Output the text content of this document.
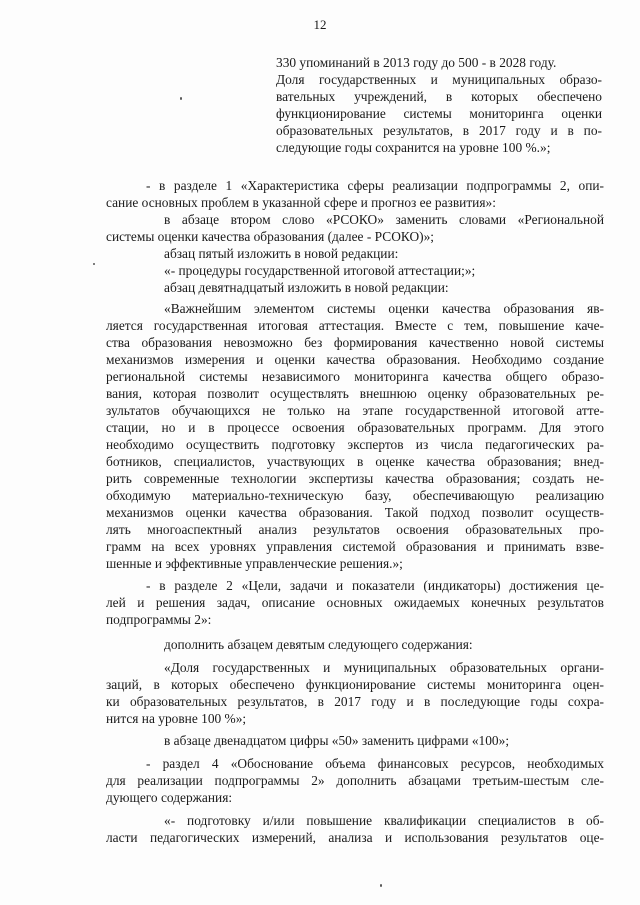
12
330 упоминаний в 2013 году до 500 - в 2028 году.
Доля государственных и муниципальных образо-
вательных учреждений, в которых обеспечено
функционирование системы мониторинга оценки
образовательных результатов, в 2017 году и в по-
следующие годы сохранится на уровне 100 %.»;
- в разделе 1 «Характеристика сферы реализации подпрограммы 2, опи-
сание основных проблем в указанной сфере и прогноз ее развития»:
в абзаце втором слово «РСОКО» заменить словами «Региональной
системы оценки качества образования (далее - РСОКО)»;
абзац пятый изложить в новой редакции:
«- процедуры государственной итоговой аттестации;»;
абзац девятнадцатый изложить в новой редакции:
«Важнейшим элементом системы оценки качества образования яв-
ляется государственная итоговая аттестация. Вместе с тем, повышение каче-
ства образования невозможно без формирования качественно новой системы
механизмов измерения и оценки качества образования. Необходимо создание
региональной системы независимого мониторинга качества общего образо-
вания, которая позволит осуществлять внешнюю оценку образовательных ре-
зультатов обучающихся не только на этапе государственной итоговой атте-
стации, но и в процессе освоения образовательных программ. Для этого
необходимо осуществить подготовку экспертов из числа педагогических ра-
ботников, специалистов, участвующих в оценке качества образования; внед-
рить современные технологии экспертизы качества образования; создать не-
обходимую материально-техническую базу, обеспечивающую реализацию
механизмов оценки качества образования. Такой подход позволит осуществ-
лять многоаспектный анализ результатов освоения образовательных про-
грамм на всех уровнях управления системой образования и принимать взве-
шенные и эффективные управленческие решения.»;
- в разделе 2 «Цели, задачи и показатели (индикаторы) достижения це-
лей и решения задач, описание основных ожидаемых конечных результатов
подпрограммы 2»:
дополнить абзацем девятым следующего содержания:
«Доля государственных и муниципальных образовательных органи-
заций, в которых обеспечено функционирование системы мониторинга оцен-
ки образовательных результатов, в 2017 году и в последующие годы сохра-
нится на уровне 100 %»;
в абзаце двенадцатом цифры «50» заменить цифрами «100»;
- раздел 4 «Обоснование объема финансовых ресурсов, необходимых
для реализации подпрограммы 2» дополнить абзацами третьим-шестым сле-
дующего содержания:
«- подготовку и/или повышение квалификации специалистов в об-
ласти педагогических измерений, анализа и использования результатов оце-
